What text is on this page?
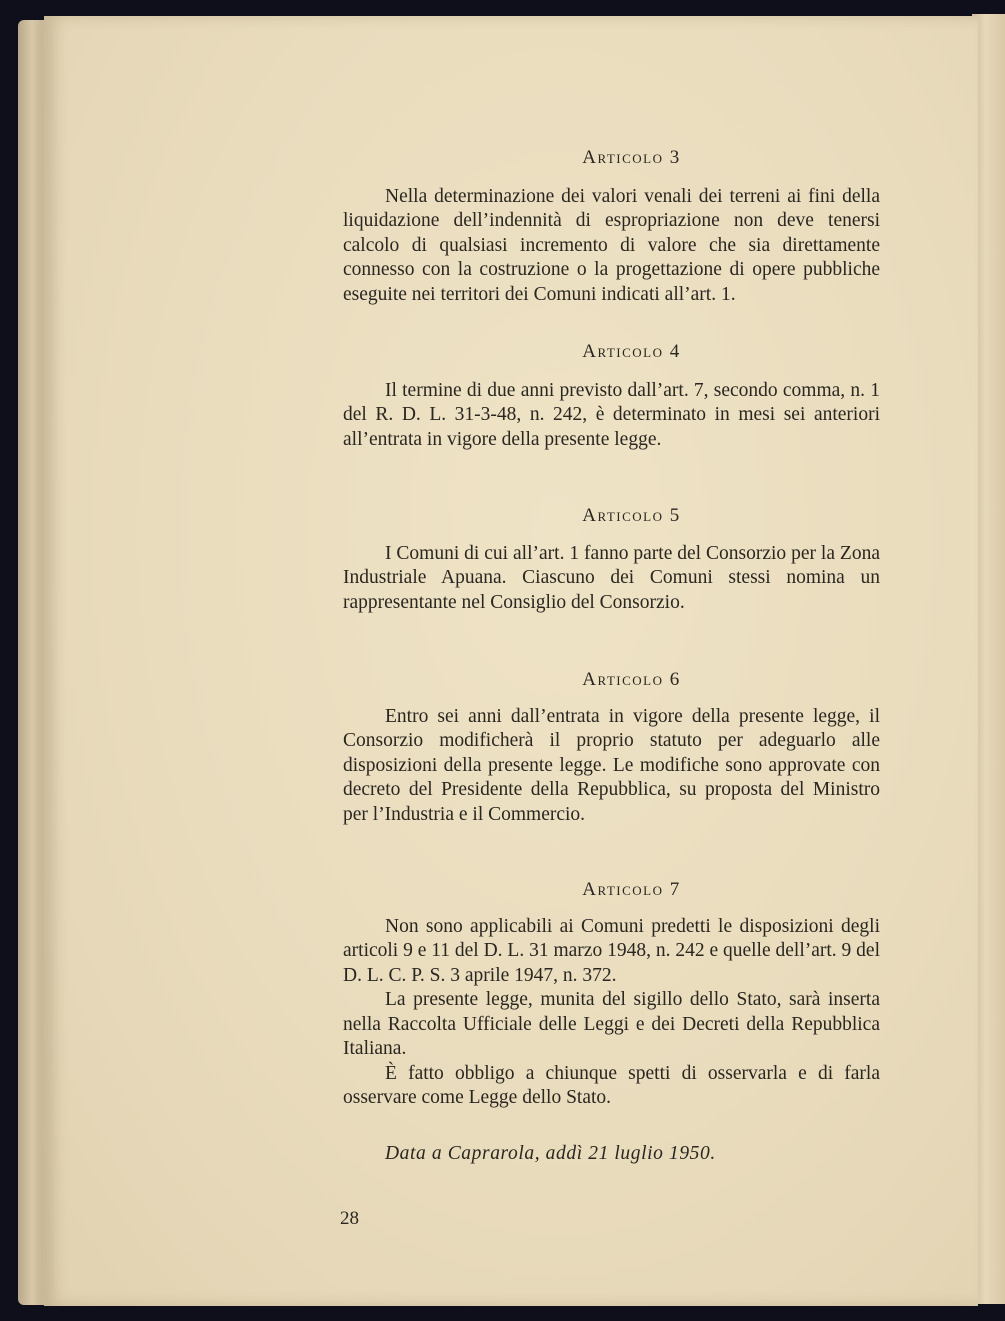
Articolo 3

Nella determinazione dei valori venali dei terreni ai fini della liquidazione dell’indennità di espropriazione non deve tenersi calcolo di qualsiasi incremento di valore che sia direttamente connesso con la costruzione o la progettazione di opere pubbliche eseguite nei territori dei Comuni indicati all’art. 1.

Articolo 4

Il termine di due anni previsto dall’art. 7, secondo comma, n. 1 del R. D. L. 31-3-48, n. 242, è determinato in mesi sei anteriori all’entrata in vigore della presente legge.

Articolo 5

I Comuni di cui all’art. 1 fanno parte del Consorzio per la Zona Industriale Apuana. Ciascuno dei Comuni stessi nomina un rappresentante nel Consiglio del Consorzio.

Articolo 6

Entro sei anni dall’entrata in vigore della presente legge, il Consorzio modificherà il proprio statuto per adeguarlo alle disposizioni della presente legge. Le modifiche sono approvate con decreto del Presidente della Repubblica, su proposta del Ministro per l’Industria e il Commercio.

Articolo 7

Non sono applicabili ai Comuni predetti le disposizioni degli articoli 9 e 11 del D. L. 31 marzo 1948, n. 242 e quelle dell’art. 9 del D. L. C. P. S. 3 aprile 1947, n. 372.

La presente legge, munita del sigillo dello Stato, sarà inserta nella Raccolta Ufficiale delle Leggi e dei Decreti della Repubblica Italiana.

È fatto obbligo a chiunque spetti di osservarla e di farla osservare come Legge dello Stato.

Data a Caprarola, addì 21 luglio 1950.
28
